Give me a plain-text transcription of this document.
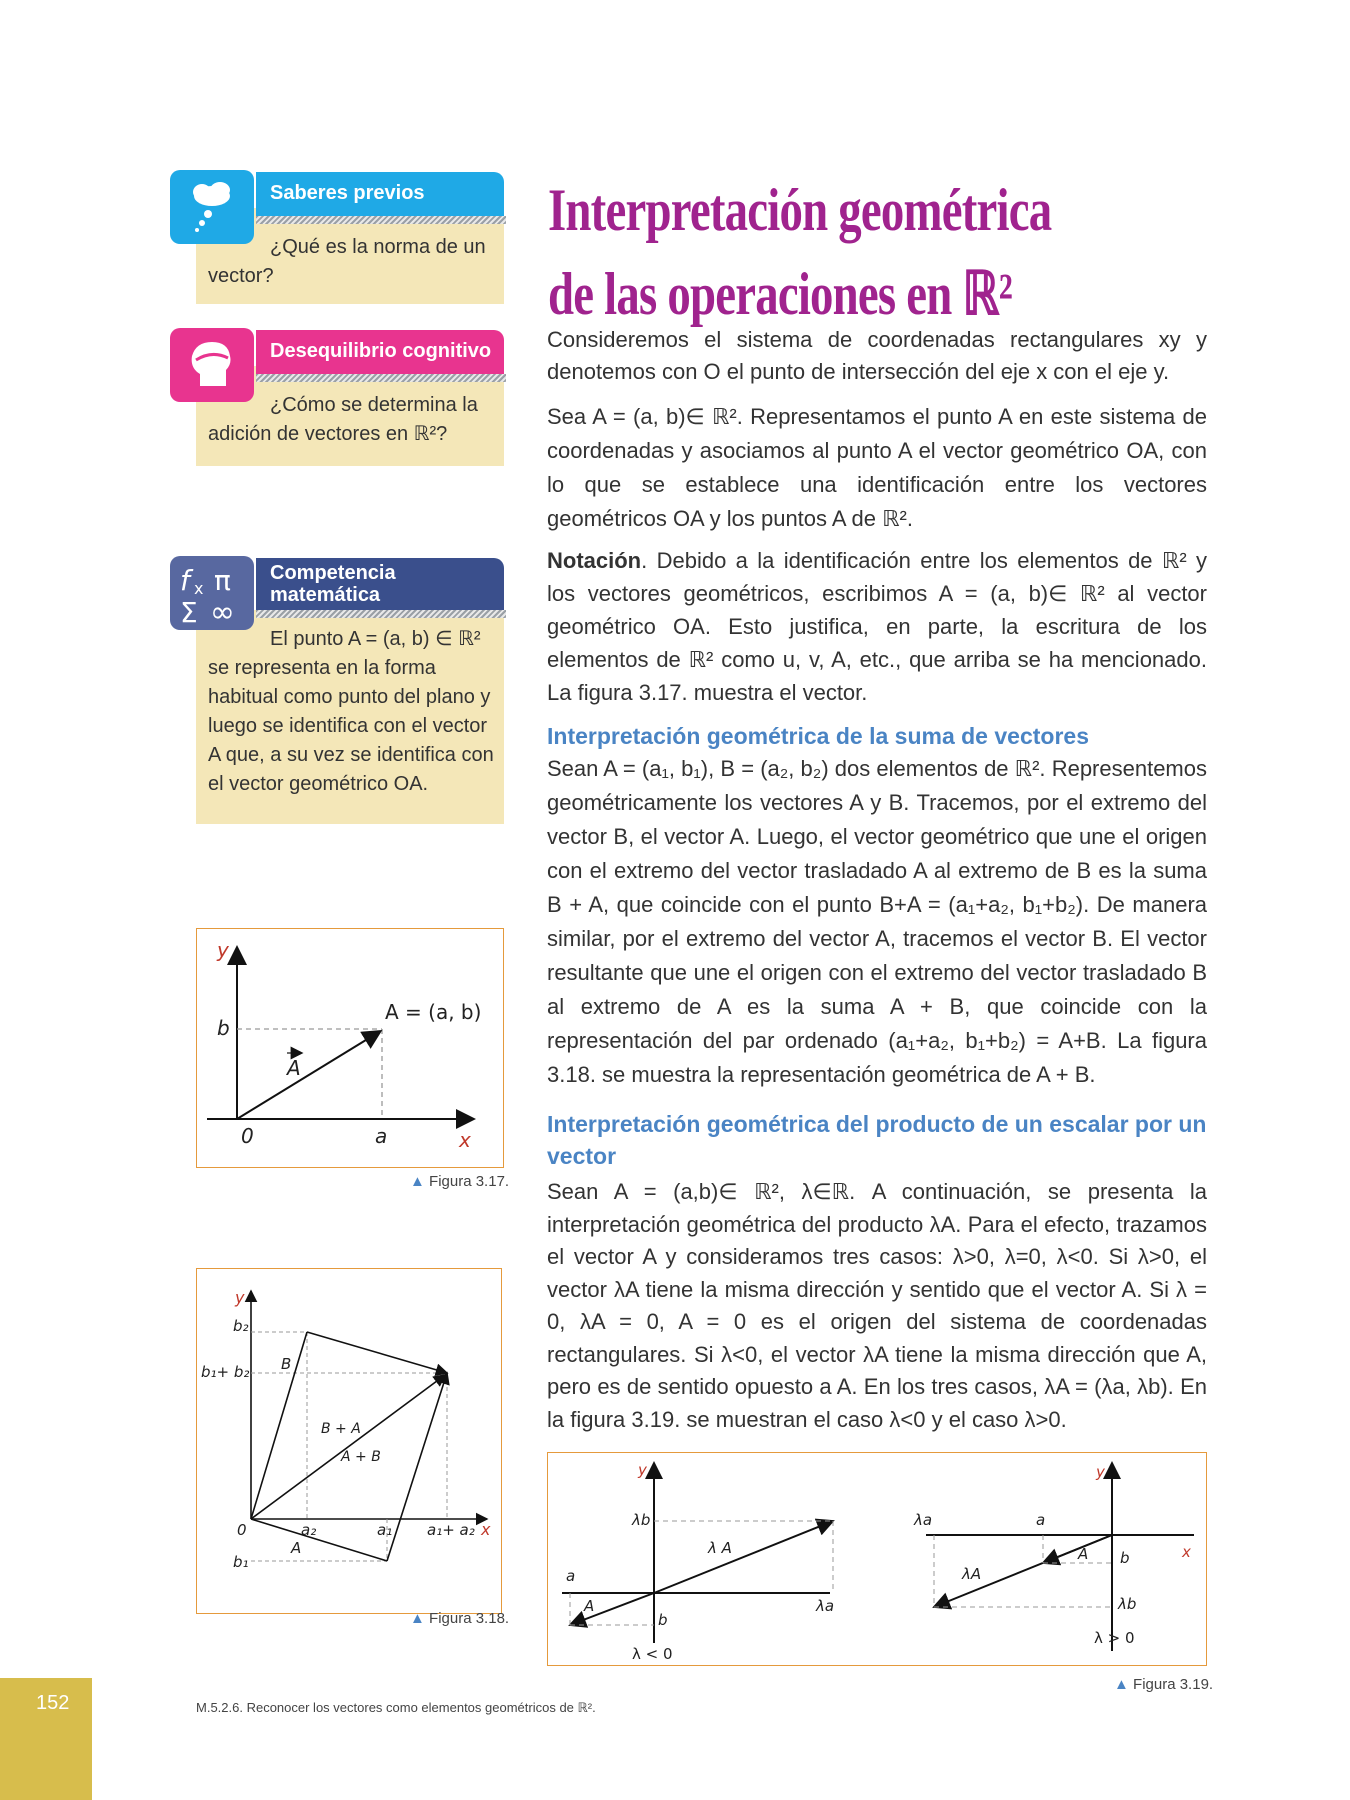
Saberes previos
¿Qué es la norma de un vector?
Desequilibrio cognitivo
¿Cómo se determina la adición de vectores en ℝ²?
Competencia
matemática
f x π
Σ ∞
El punto A = (a, b) ∈ ℝ² se representa en la forma habitual como punto del plano y luego se identifica con el vector A que, a su vez se identifica con el vector geométrico OA.
y
x
b
a
0
A = (a, b)
A
▲ Figura 3.17.
y
x
b₂
b₁+ b₂
b₁
0	a₂	a₁ a₁+ a₂
B
A
B + A
A + B
▲ Figura 3.18.
Interpretación geométrica
de las operaciones en ℝ²
Consideremos el sistema de coordenadas rectangulares xy y denotemos con O el punto de intersección del eje x con el eje y.
Sea A = (a, b)∈ ℝ². Representamos el punto A en este sistema de coordenadas y asociamos al punto A el vector geométrico OA, con lo que se establece una identificación entre los vectores geométricos OA y los puntos A de ℝ².
Notación. Debido a la identificación entre los elementos de ℝ² y los vectores geométricos, escribimos A = (a, b)∈ ℝ² al vector geométrico OA. Esto justifica, en parte, la escritura de los elementos de ℝ² como u, v, A, etc., que arriba se ha mencionado. La figura 3.17. muestra el vector.
Interpretación geométrica de la suma de vectores
Sean A = (a₁, b₁), B = (a₂, b₂) dos elementos de ℝ². Representemos geométricamente los vectores A y B. Tracemos, por el extremo del vector B, el vector A. Luego, el vector geométrico que une el origen con el extremo del vector trasladado A al extremo de B es la suma B + A, que coincide con el punto B+A = (a₁+a₂, b₁+b₂). De manera similar, por el extremo del vector A, tracemos el vector B. El vector resultante que une el origen con el extremo del vector trasladado B al extremo de A es la suma A + B, que coincide con la representación del par ordenado (a₁+a₂, b₁+b₂) = A+B. La figura 3.18. se muestra la representación geométrica de A + B.
Interpretación geométrica del producto de un escalar por un vector
Sean A = (a,b)∈ ℝ², λ∈ℝ. A continuación, se presenta la interpretación geométrica del producto λA. Para el efecto, trazamos el vector A y consideramos tres casos: λ>0, λ=0, λ<0. Si λ>0, el vector λA tiene la misma dirección y sentido que el vector A. Si λ = 0, λA = 0, A = 0 es el origen del sistema de coordenadas rectangulares. Si λ<0, el vector λA tiene la misma dirección que A, pero es de sentido opuesto a A. En los tres casos, λA = (λa, λb). En la figura 3.19. se muestran el caso λ<0 y el caso λ>0.
y
λb
λa
a
b
A
λ A
λ < 0
y
x
λa	a
b
A
λA
λb
λ > 0
▲ Figura 3.19.
M.5.2.6. Reconocer los vectores como elementos geométricos de ℝ².
152
